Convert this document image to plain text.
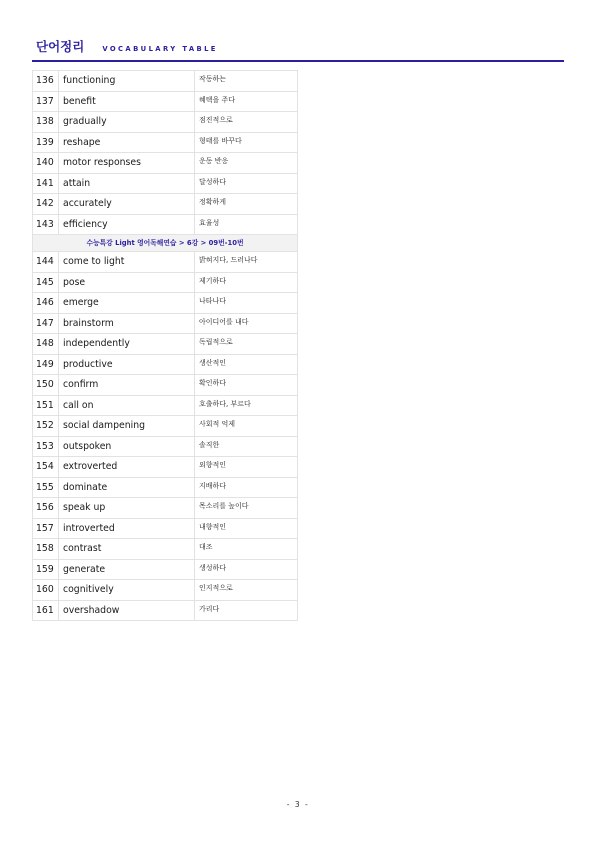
단어정리	VOCABULARY TABLE
136	functioning	작동하는
137	benefit	혜택을 주다
138	gradually	점진적으로
139	reshape	형태를 바꾸다
140	motor responses	운동 반응
141	attain	달성하다
142	accurately	정확하게
143	efficiency	효율성
수능특강 Light 영어독해연습 > 6강 > 09번-10번		
144	come to light	밝혀지다, 드러나다
145	pose	제기하다
146	emerge	나타나다
147	brainstorm	아이디어를 내다
148	independently	독립적으로
149	productive	생산적인
150	confirm	확인하다
151	call on	호출하다, 부르다
152	social dampening	사회적 억제
153	outspoken	솔직한
154	extroverted	외향적인
155	dominate	지배하다
156	speak up	목소리를 높이다
157	introverted	내향적인
158	contrast	대조
159	generate	생성하다
160	cognitively	인지적으로
161	overshadow	가리다
- 3 -
